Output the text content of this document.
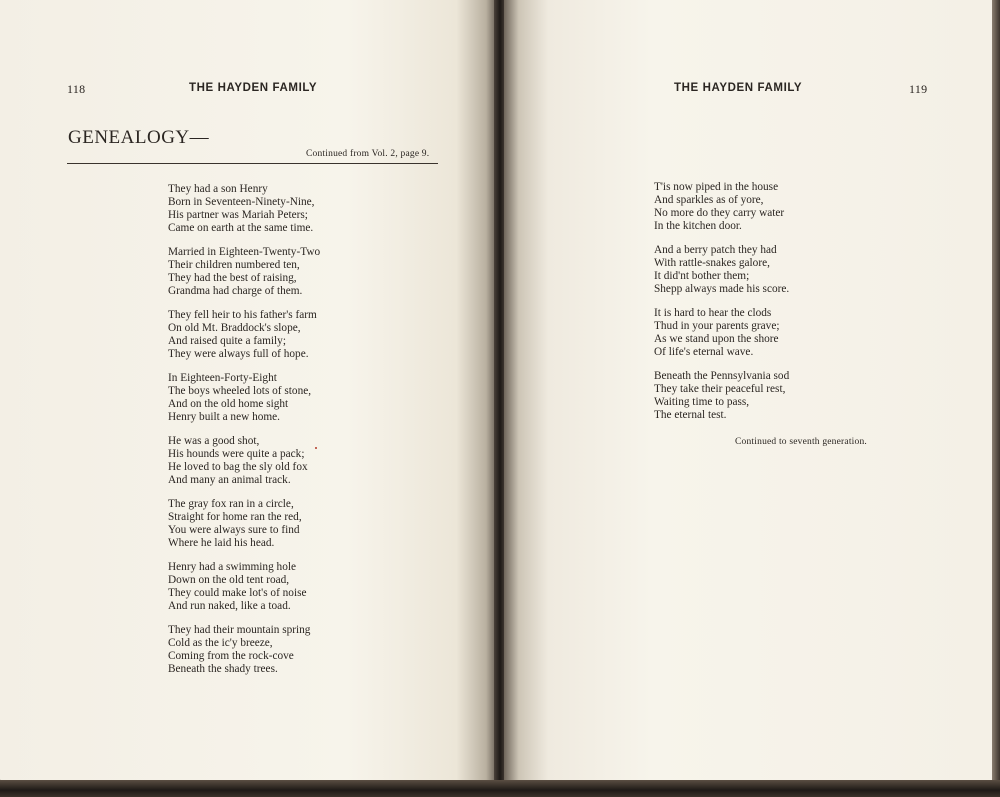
118	THE HAYDEN FAMILY
GENEALOGY—
Continued from Vol. 2, page 9.
They had a son Henry
Born in Seventeen-Ninety-Nine,
His partner was Mariah Peters;
Came on earth at the same time.
Married in Eighteen-Twenty-Two
Their children numbered ten,
They had the best of raising,
Grandma had charge of them.
They fell heir to his father's farm
On old Mt. Braddock's slope,
And raised quite a family;
They were always full of hope.
In Eighteen-Forty-Eight
The boys wheeled lots of stone,
And on the old home sight
Henry built a new home.
He was a good shot,
His hounds were quite a pack;
He loved to bag the sly old fox
And many an animal track.
The gray fox ran in a circle,
Straight for home ran the red,
You were always sure to find
Where he laid his head.
Henry had a swimming hole
Down on the old tent road,
They could make lot's of noise
And run naked, like a toad.
They had their mountain spring
Cold as the ic'y breeze,
Coming from the rock-cove
Beneath the shady trees.
THE HAYDEN FAMILY	119
T'is now piped in the house
And sparkles as of yore,
No more do they carry water
In the kitchen door.
And a berry patch they had
With rattle-snakes galore,
It did'nt bother them;
Shepp always made his score.
It is hard to hear the clods
Thud in your parents grave;
As we stand upon the shore
Of life's eternal wave.
Beneath the Pennsylvania sod
They take their peaceful rest,
Waiting time to pass,
The eternal test.
Continued to seventh generation.
